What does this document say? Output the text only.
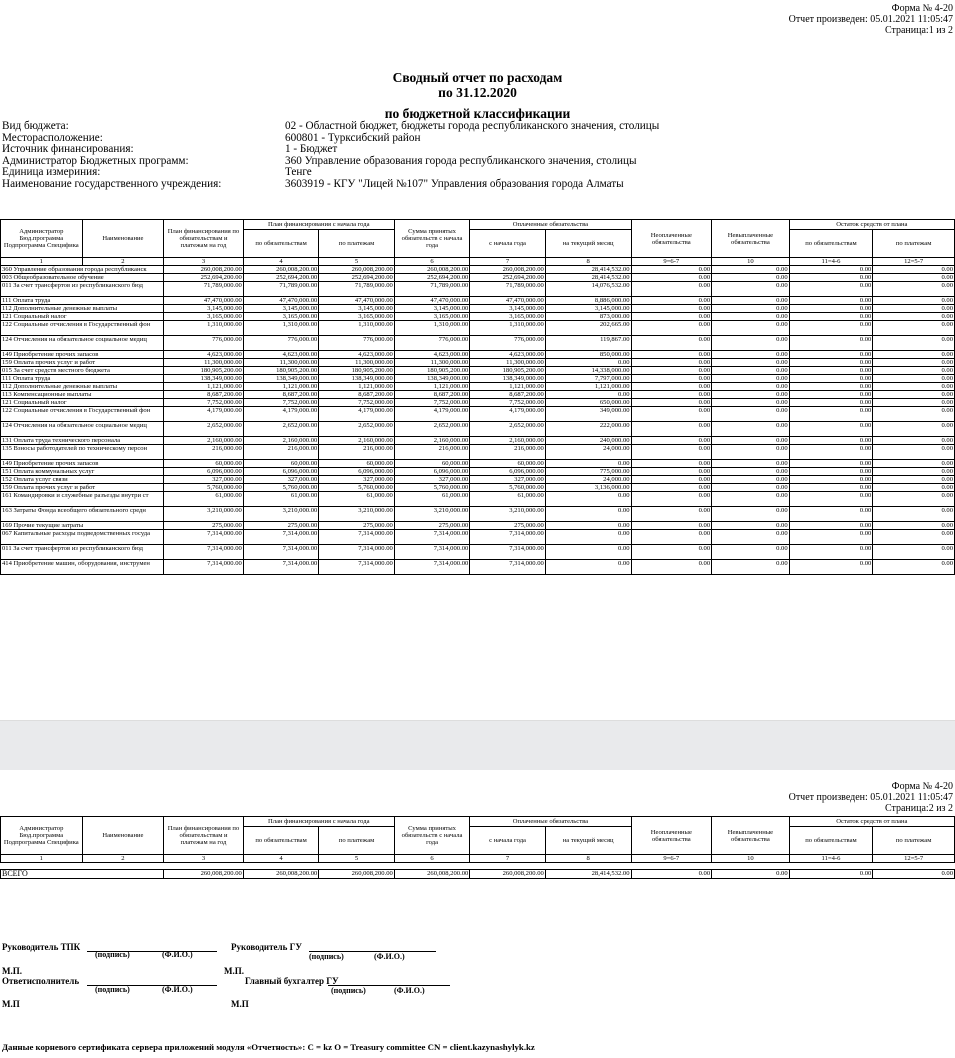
Форма № 4-20
Отчет произведен: 05.01.2021 11:05:47
Страница:1 из 2
Сводный отчет по расходам
по 31.12.2020
по бюджетной классификации
Вид бюджета:	02 - Областной бюджет, бюджеты города республиканского значения, столицы
Месторасположение:	600801 - Турксибский район
Источник финансирования:	1 - Бюджет
Администратор Бюджетных программ:	360 Управление образования города республиканского значения, столицы
Единица измериния:	Тенге
Наименование государственного учреждения:	3603919 - КГУ "Лицей №107" Управления образования города Алматы
Администратор Бюд.программа Подпрограмма Специфика	Наименование	План финансирования по обязательствам и платежам на год	План финансирования с начала года		Сумма принятых обязательств с начала года	Оплаченные обязательства		Неоплаченные обязательства	Невыплаченные обязательства	Остаток средств от плана	
			по обязательствам	по платежам		с начала года	на текущий месяц			по обязательствам	по платежам
1	2	3	4	5	6	7	8	9=6-7	10	11=4-6	12=5-7
360 Управление образования города республиканск		260,008,200.00	260,008,200.00	260,008,200.00	260,008,200.00	260,008,200.00	28,414,532.00	0.00	0.00	0.00	0.00
003 Общеобразовательное обучение		252,694,200.00	252,694,200.00	252,694,200.00	252,694,200.00	252,694,200.00	28,414,532.00	0.00	0.00	0.00	0.00
011 За счет трансфертов из республиканского бюд		71,789,000.00	71,789,000.00	71,789,000.00	71,789,000.00	71,789,000.00	14,076,532.00	0.00	0.00	0.00	0.00
111 Оплата труда		47,470,000.00	47,470,000.00	47,470,000.00	47,470,000.00	47,470,000.00	8,886,000.00	0.00	0.00	0.00	0.00
112 Дополнительные денежные выплаты		3,145,000.00	3,145,000.00	3,145,000.00	3,145,000.00	3,145,000.00	3,145,000.00	0.00	0.00	0.00	0.00
121 Социальный налог		3,165,000.00	3,165,000.00	3,165,000.00	3,165,000.00	3,165,000.00	873,000.00	0.00	0.00	0.00	0.00
122 Социальные отчисления в Государственный фон		1,310,000.00	1,310,000.00	1,310,000.00	1,310,000.00	1,310,000.00	202,665.00	0.00	0.00	0.00	0.00
124 Отчисления на обязательное социальное медиц		776,000.00	776,000.00	776,000.00	776,000.00	776,000.00	119,867.00	0.00	0.00	0.00	0.00
149 Приобретение прочих запасов		4,623,000.00	4,623,000.00	4,623,000.00	4,623,000.00	4,623,000.00	850,000.00	0.00	0.00	0.00	0.00
159 Оплата прочих услуг и работ		11,300,000.00	11,300,000.00	11,300,000.00	11,300,000.00	11,300,000.00	0.00	0.00	0.00	0.00	0.00
015 За счет средств местного бюджета		180,905,200.00	180,905,200.00	180,905,200.00	180,905,200.00	180,905,200.00	14,338,000.00	0.00	0.00	0.00	0.00
111 Оплата труда		138,349,000.00	138,349,000.00	138,349,000.00	138,349,000.00	138,349,000.00	7,797,000.00	0.00	0.00	0.00	0.00
112 Дополнительные денежные выплаты		1,121,000.00	1,121,000.00	1,121,000.00	1,121,000.00	1,121,000.00	1,121,000.00	0.00	0.00	0.00	0.00
113 Компенсационные выплаты		8,687,200.00	8,687,200.00	8,687,200.00	8,687,200.00	8,687,200.00	0.00	0.00	0.00	0.00	0.00
121 Социальный налог		7,752,000.00	7,752,000.00	7,752,000.00	7,752,000.00	7,752,000.00	650,000.00	0.00	0.00	0.00	0.00
122 Социальные отчисления в Государственный фон		4,179,000.00	4,179,000.00	4,179,000.00	4,179,000.00	4,179,000.00	349,000.00	0.00	0.00	0.00	0.00
124 Отчисления на обязательное социальное медиц		2,652,000.00	2,652,000.00	2,652,000.00	2,652,000.00	2,652,000.00	222,000.00	0.00	0.00	0.00	0.00
131 Оплата труда технического персонала		2,160,000.00	2,160,000.00	2,160,000.00	2,160,000.00	2,160,000.00	240,000.00	0.00	0.00	0.00	0.00
135 Взносы работодателей по техническому персон		216,000.00	216,000.00	216,000.00	216,000.00	216,000.00	24,000.00	0.00	0.00	0.00	0.00
149 Приобретение прочих запасов		60,000.00	60,000.00	60,000.00	60,000.00	60,000.00	0.00	0.00	0.00	0.00	0.00
151 Оплата коммунальных услуг		6,096,000.00	6,096,000.00	6,096,000.00	6,096,000.00	6,096,000.00	775,000.00	0.00	0.00	0.00	0.00
152 Оплата услуг связи		327,000.00	327,000.00	327,000.00	327,000.00	327,000.00	24,000.00	0.00	0.00	0.00	0.00
159 Оплата прочих услуг и работ		5,760,000.00	5,760,000.00	5,760,000.00	5,760,000.00	5,760,000.00	3,136,000.00	0.00	0.00	0.00	0.00
161 Командировки и служебные разъезды внутри ст		61,000.00	61,000.00	61,000.00	61,000.00	61,000.00	0.00	0.00	0.00	0.00	0.00
163 Затраты Фонда всеобщего обязательного средн		3,210,000.00	3,210,000.00	3,210,000.00	3,210,000.00	3,210,000.00	0.00	0.00	0.00	0.00	0.00
169 Прочие текущие затраты		275,000.00	275,000.00	275,000.00	275,000.00	275,000.00	0.00	0.00	0.00	0.00	0.00
067 Капитальные расходы подведомственных госуда		7,314,000.00	7,314,000.00	7,314,000.00	7,314,000.00	7,314,000.00	0.00	0.00	0.00	0.00	0.00
011 За счет трансфертов из республиканского бюд		7,314,000.00	7,314,000.00	7,314,000.00	7,314,000.00	7,314,000.00	0.00	0.00	0.00	0.00	0.00
414 Приобретение машин, оборудования, инструмен		7,314,000.00	7,314,000.00	7,314,000.00	7,314,000.00	7,314,000.00	0.00	0.00	0.00	0.00	0.00
Форма № 4-20
Отчет произведен: 05.01.2021 11:05:47
Страница:2 из 2
Администратор Бюд.программа Подпрограмма Специфика	Наименование	План финансирования по обязательствам и платежам на год	План финансирования с начала года		Сумма принятых обязательств с начала года	Оплаченные обязательства		Неоплаченные обязательства	Невыплаченные обязательства	Остаток средств от плана	
			по обязательствам	по платежам		с начала года	на текущий месяц			по обязательствам	по платежам
1	2	3	4	5	6	7	8	9=6-7	10	11=4-6	12=5-7

ВСЕГО		260,008,200.00	260,008,200.00	260,008,200.00	260,008,200.00	260,008,200.00	28,414,532.00	0.00	0.00	0.00	0.00
Руководитель ТПК
(подпись)	(Ф.И.О.)
Руководитель ГУ
(подпись)	(Ф.И.О.)
М.П.	М.П.
Ответисполнитель
(подпись)	(Ф.И.О.)
Главный бухгалтер ГУ
(подпись)	(Ф.И.О.)
М.П	М.П
Данные корневого сертификата сервера приложений модуля «Отчетность»: C = kz O = Treasury committee CN = client.kazynashylyk.kz
